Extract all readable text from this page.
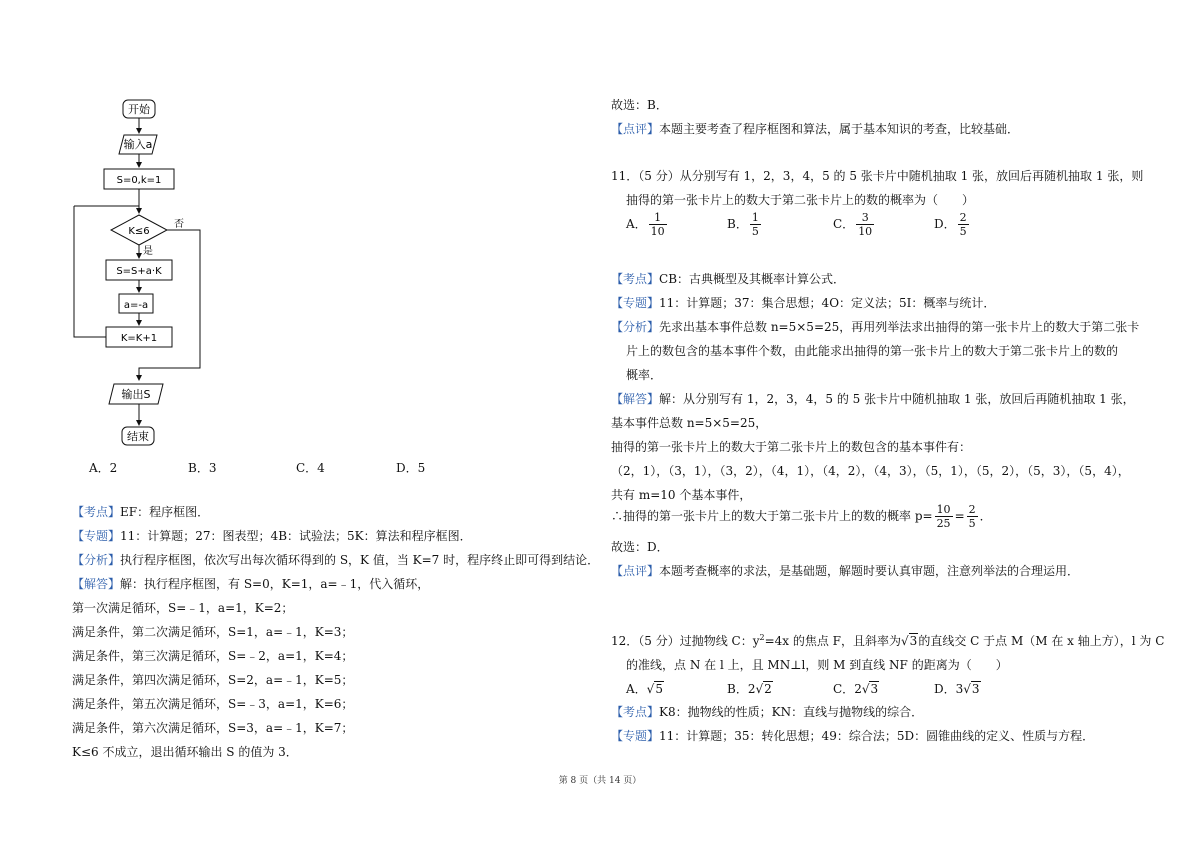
开始
输入a
S=0,k=1
K≤6
否
是
S=S+a·K
a=-a
K=K+1
输出S
结束
A．2	B．3	C．4	D．5
【考点】EF：程序框图．
【专题】11：计算题；27：图表型；4B：试验法；5K：算法和程序框图．
【分析】执行程序框图，依次写出每次循环得到的 S，K 值，当 K=7 时，程序终止即可得到结论．
【解答】解：执行程序框图，有 S=0，K=1，a=﹣1，代入循环，
第一次满足循环，S=﹣1，a=1，K=2；
满足条件，第二次满足循环，S=1，a=﹣1，K=3；
满足条件，第三次满足循环，S=﹣2，a=1，K=4；
满足条件，第四次满足循环，S=2，a=﹣1，K=5；
满足条件，第五次满足循环，S=﹣3，a=1，K=6；
满足条件，第六次满足循环，S=3，a=﹣1，K=7；
K≤6 不成立，退出循环输出 S 的值为 3．
故选：B．
【点评】本题主要考查了程序框图和算法，属于基本知识的考查，比较基础．
11．（5 分）从分别写有 1，2，3，4，5 的 5 张卡片中随机抽取 1 张，放回后再随机抽取 1 张，则
抽得的第一张卡片上的数大于第二张卡片上的数的概率为（　　）
A． $\frac{1}{10}$	B． $\frac{1}{5}$	C． $\frac{3}{10}$	D． $\frac{2}{5}$
【考点】CB：古典概型及其概率计算公式．
【专题】11：计算题；37：集合思想；4O：定义法；5I：概率与统计．
【分析】先求出基本事件总数 n=5×5=25，再用列举法求出抽得的第一张卡片上的数大于第二张卡
片上的数包含的基本事件个数，由此能求出抽得的第一张卡片上的数大于第二张卡片上的数的
概率．
【解答】解：从分别写有 1，2，3，4，5 的 5 张卡片中随机抽取 1 张，放回后再随机抽取 1 张，
基本事件总数 n=5×5=25，
抽得的第一张卡片上的数大于第二张卡片上的数包含的基本事件有：
（2，1），（3，1），（3，2），（4，1），（4，2），（4，3），（5，1），（5，2），（5，3），（5，4），
共有 m=10 个基本事件，
∴抽得的第一张卡片上的数大于第二张卡片上的数的概率 $p= \frac{10}{25} = \frac{2}{5}$ ．
故选：D．
【点评】本题考查概率的求法，是基础题，解题时要认真审题，注意列举法的合理运用．
12．（5 分）过抛物线 C：$y^2=4x$ 的焦点 F，且斜率为√3的直线交 C 于点 M（M 在 x 轴上方），l 为 C
的准线，点 N 在 l 上，且 MN⊥l，则 M 到直线 NF 的距离为（　　）
A．√5	B．2√2	C．2√3	D．3√3
【考点】K8：抛物线的性质；KN：直线与抛物线的综合．
【专题】11：计算题；35：转化思想；49：综合法；5D：圆锥曲线的定义、性质与方程．
第 8 页（共 14 页）
